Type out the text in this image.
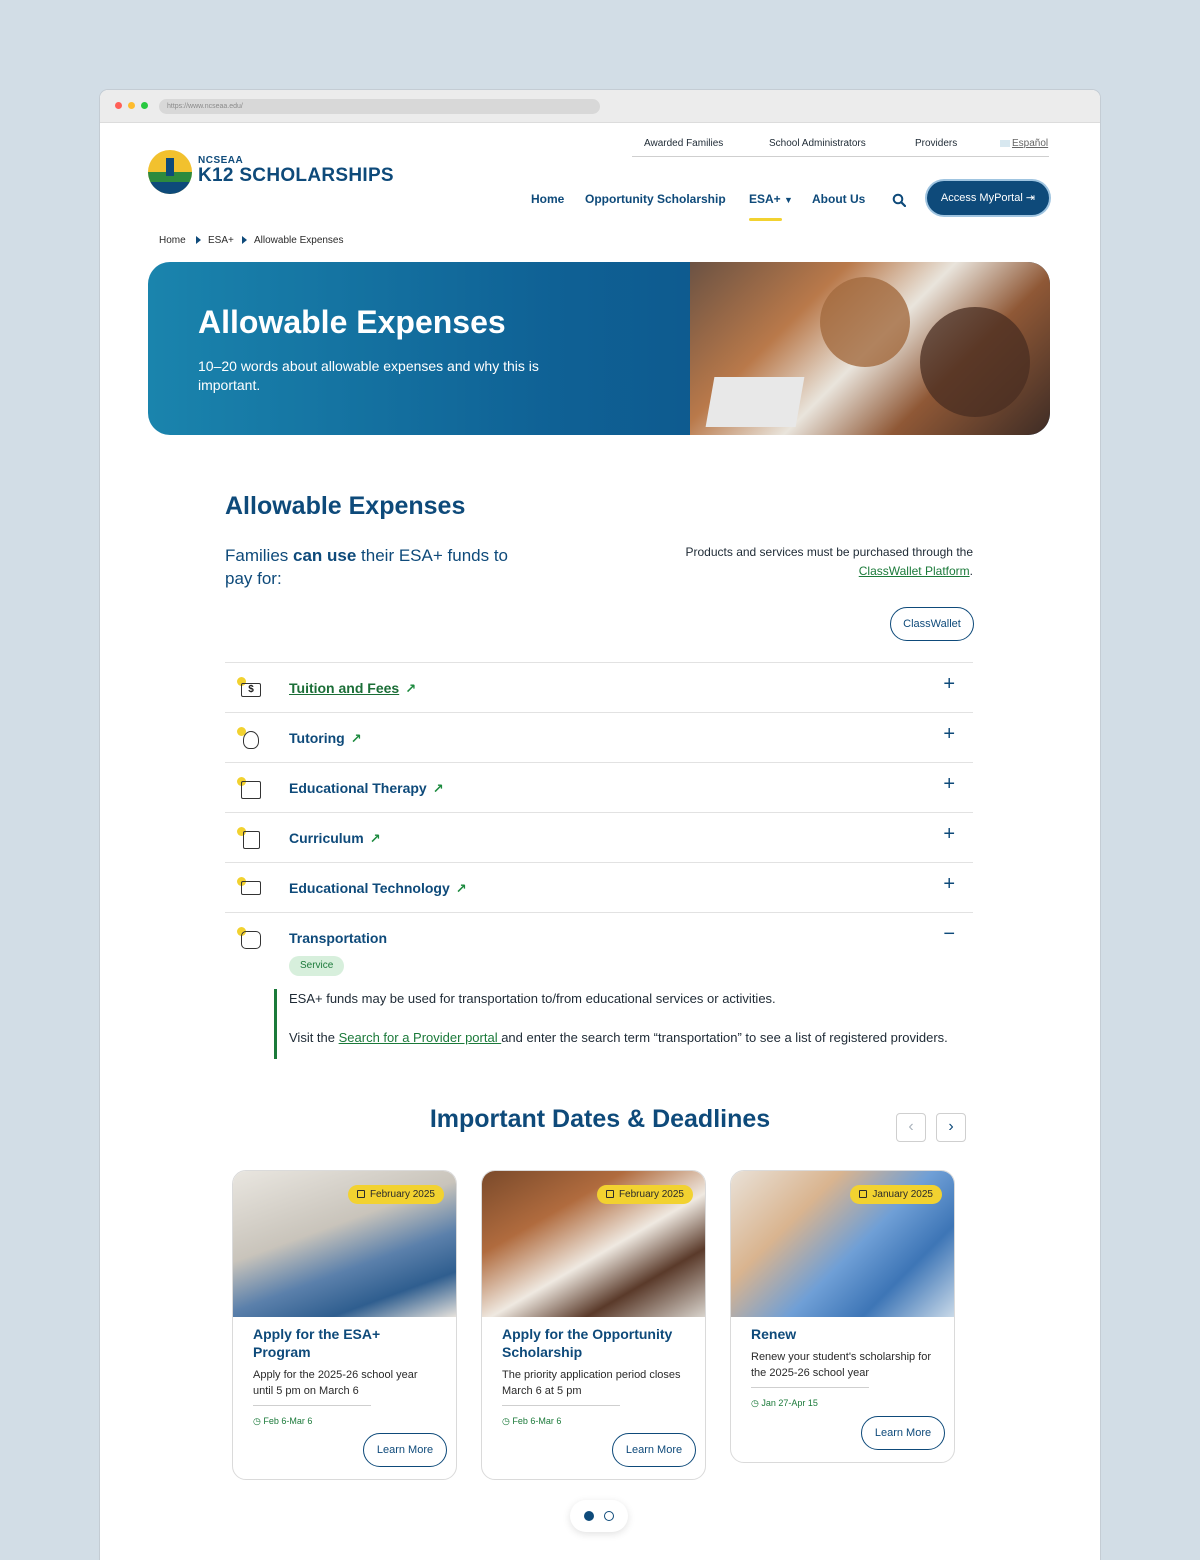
https://www.ncseaa.edu/
Awarded Families	School Administrators	Providers	Español
NCSEAA
K12 SCHOLARSHIPS
Home Opportunity Scholarship ESA+ ▼ About Us	Access MyPortal ⇥
Home ESA+ Allowable Expenses
Allowable Expenses

10–20 words about allowable expenses and why this is important.

Allowable Expenses
Families can use their ESA+ funds to pay for:
Products and services must be purchased through the
ClassWallet Platform.
ClassWallet
$	Tuition and Fees ↗	+
Tutoring ↗	+
Educational Therapy ↗	+
Curriculum ↗	+
Educational Technology ↗	+
Transportation	−
Service

ESA+ funds may be used for transportation to/from educational services or activities.

Visit the Search for a Provider portal and enter the search term “transportation” to see a list of registered providers.

Important Dates & Deadlines	‹	›
February 2025
Apply for the ESA+ Program
Apply for the 2025-26 school year until 5 pm on March 6
◷ Feb 6-Mar 6
Learn More
February 2025
Apply for the Opportunity Scholarship
The priority application period closes March 6 at 5 pm
◷ Feb 6-Mar 6
Learn More
January 2025
Renew
Renew your student's scholarship for the 2025-26 school year
◷ Jan 27-Apr 15
Learn More
